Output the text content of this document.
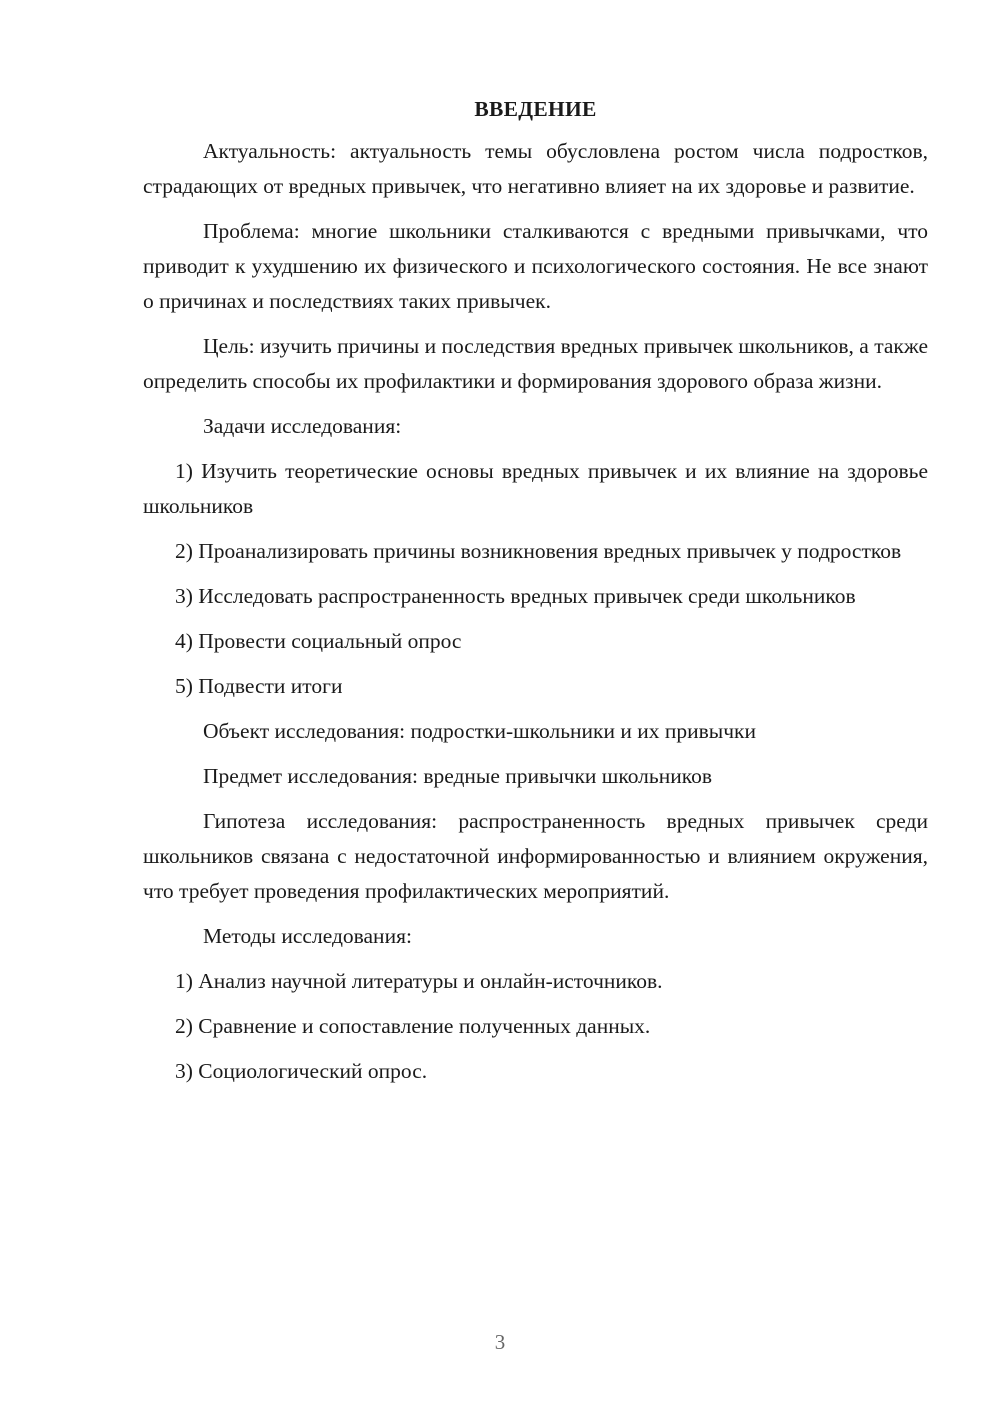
ВВЕДЕНИЕ

Актуальность: актуальность темы обусловлена ростом числа подростков, страдающих от вредных привычек, что негативно влияет на их здоровье и развитие.

Проблема: многие школьники сталкиваются с вредными привычками, что приводит к ухудшению их физического и психологического состояния. Не все знают о причинах и последствиях таких привычек.

Цель: изучить причины и последствия вредных привычек школьников, а также определить способы их профилактики и формирования здорового образа жизни.

Задачи исследования:

1) Изучить теоретические основы вредных привычек и их влияние на здоровье школьников

2) Проанализировать причины возникновения вредных привычек у подростков

3) Исследовать распространенность вредных привычек среди школьников

4) Провести социальный опрос

5) Подвести итоги

Объект исследования: подростки-школьники и их привычки

Предмет исследования: вредные привычки школьников

Гипотеза исследования: распространенность вредных привычек среди школьников связана с недостаточной информированностью и влиянием окружения, что требует проведения профилактических мероприятий.

Методы исследования:

1) Анализ научной литературы и онлайн-источников.

2) Сравнение и сопоставление полученных данных.

3) Социологический опрос.

3
